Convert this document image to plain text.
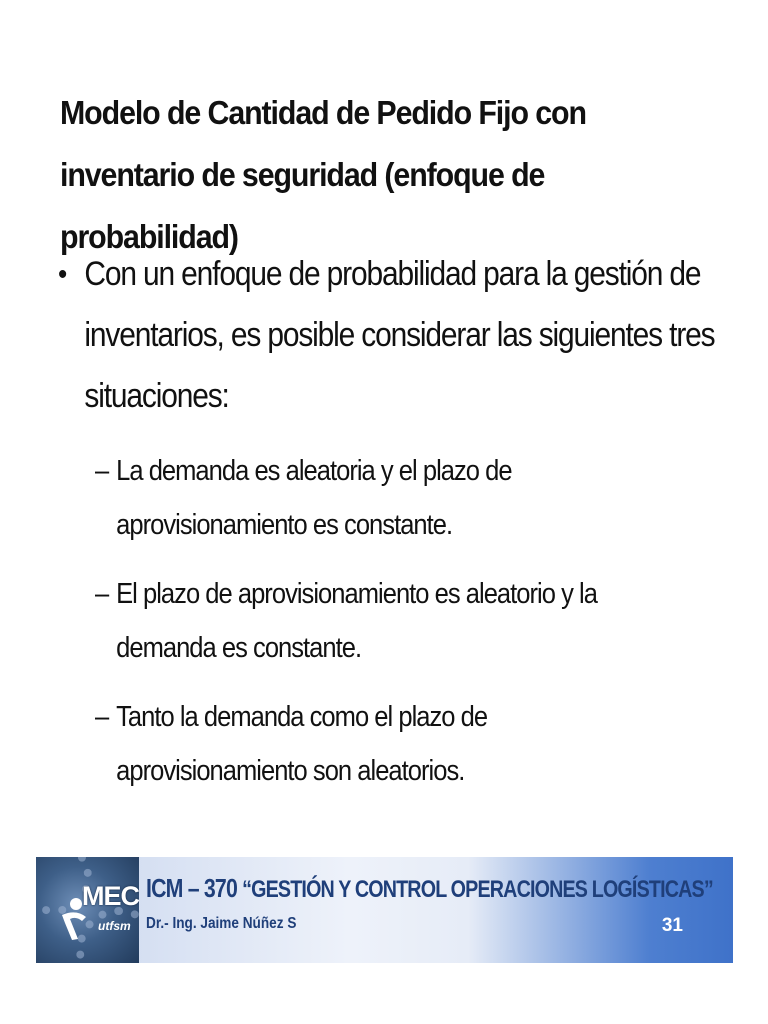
Modelo de Cantidad de Pedido Fijo con inventario de seguridad (enfoque de probabilidad)
• Con un enfoque de probabilidad para la gestión de inventarios, es posible considerar las siguientes tres situaciones:
– La demanda es aleatoria y el plazo de aprovisionamiento es constante.
– El plazo de aprovisionamiento es aleatorio y la demanda es constante.
– Tanto la demanda como el plazo de aprovisionamiento son aleatorios.
MEC
utfsm
ICM – 370 “GESTIÓN Y CONTROL OPERACIONES LOGÍSTICAS”
Dr.- Ing. Jaime Núñez S	31
